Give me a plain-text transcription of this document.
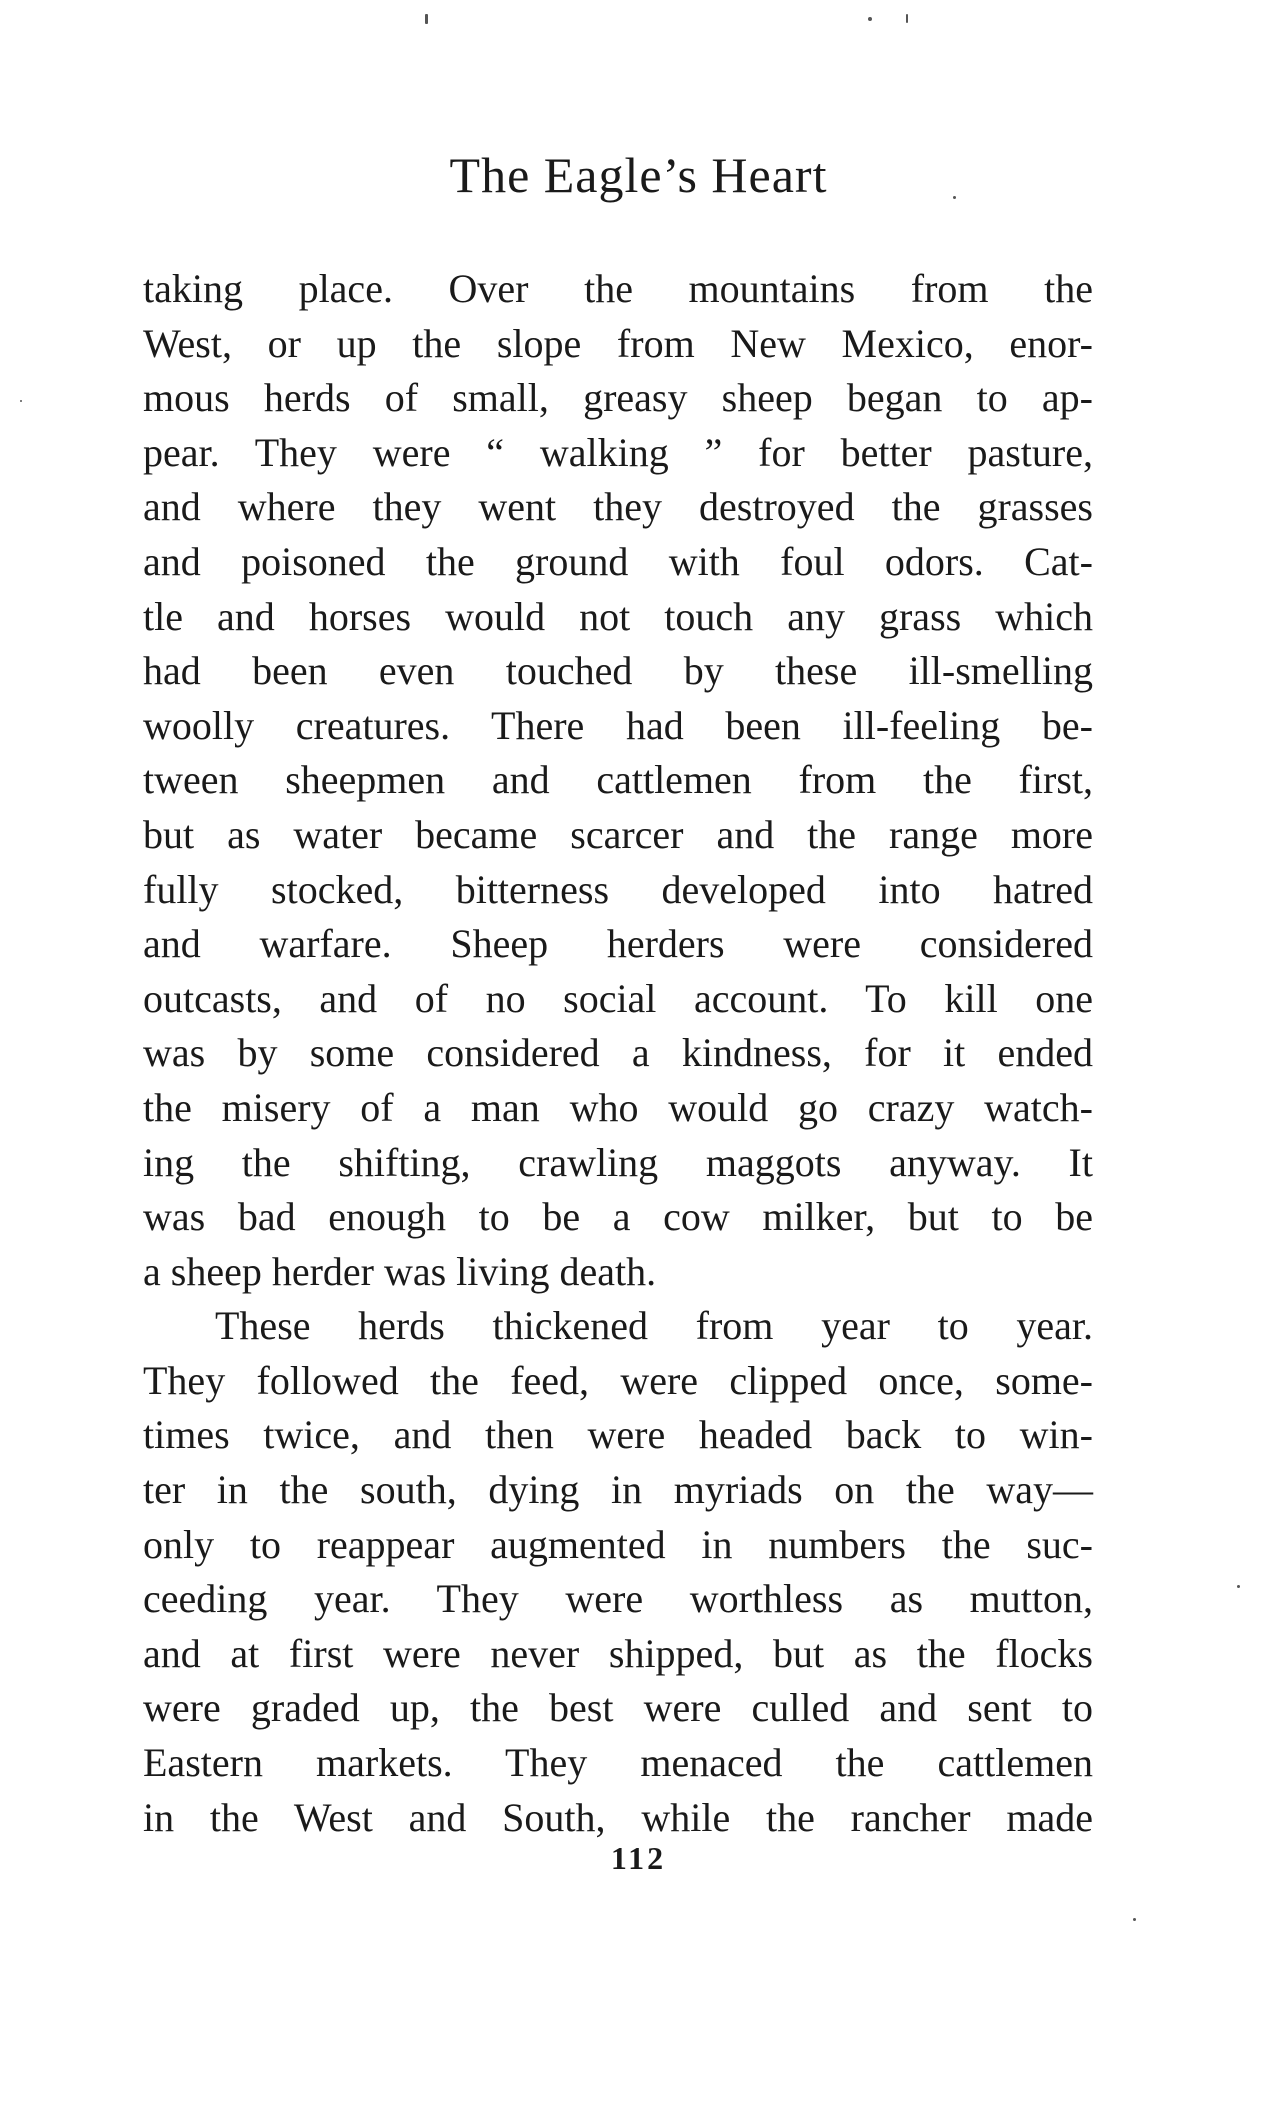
The Eagle’s Heart
taking place. Over the mountains from the
West, or up the slope from New Mexico, enor-
mous herds of small, greasy sheep began to ap-
pear. They were “ walking ” for better pasture,
and where they went they destroyed the grasses
and poisoned the ground with foul odors. Cat-
tle and horses would not touch any grass which
had been even touched by these ill-smelling
woolly creatures. There had been ill-feeling be-
tween sheepmen and cattlemen from the first,
but as water became scarcer and the range more
fully stocked, bitterness developed into hatred
and warfare. Sheep herders were considered
outcasts, and of no social account. To kill one
was by some considered a kindness, for it ended
the misery of a man who would go crazy watch-
ing the shifting, crawling maggots anyway. It
was bad enough to be a cow milker, but to be
a sheep herder was living death.
These herds thickened from year to year.
They followed the feed, were clipped once, some-
times twice, and then were headed back to win-
ter in the south, dying in myriads on the way—
only to reappear augmented in numbers the suc-
ceeding year. They were worthless as mutton,
and at first were never shipped, but as the flocks
were graded up, the best were culled and sent to
Eastern markets. They menaced the cattlemen
in the West and South, while the rancher made
112
